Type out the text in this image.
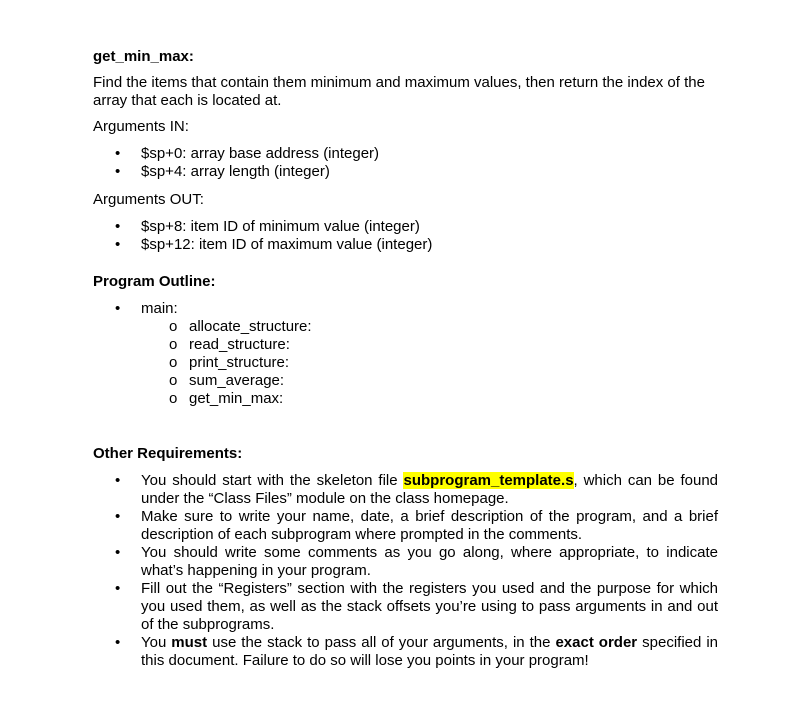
get_min_max:

Find the items that contain them minimum and maximum values, then return the index of the array that each is located at.

Arguments IN:

• $sp+0: array base address (integer)
• $sp+4: array length (integer)

Arguments OUT:

• $sp+8: item ID of minimum value (integer)
• $sp+12: item ID of maximum value (integer)

Program Outline:

• main:
o allocate_structure:
o read_structure:
o print_structure:
o sum_average:
o get_min_max:

Other Requirements:

• You should start with the skeleton file subprogram_template.s, which can be found under the “Class Files” module on the class homepage.
• Make sure to write your name, date, a brief description of the program, and a brief description of each subprogram where prompted in the comments.
• You should write some comments as you go along, where appropriate, to indicate what’s happening in your program.
• Fill out the “Registers” section with the registers you used and the purpose for which you used them, as well as the stack offsets you’re using to pass arguments in and out of the subprograms.
• You must use the stack to pass all of your arguments, in the exact order specified in this document. Failure to do so will lose you points in your program!
